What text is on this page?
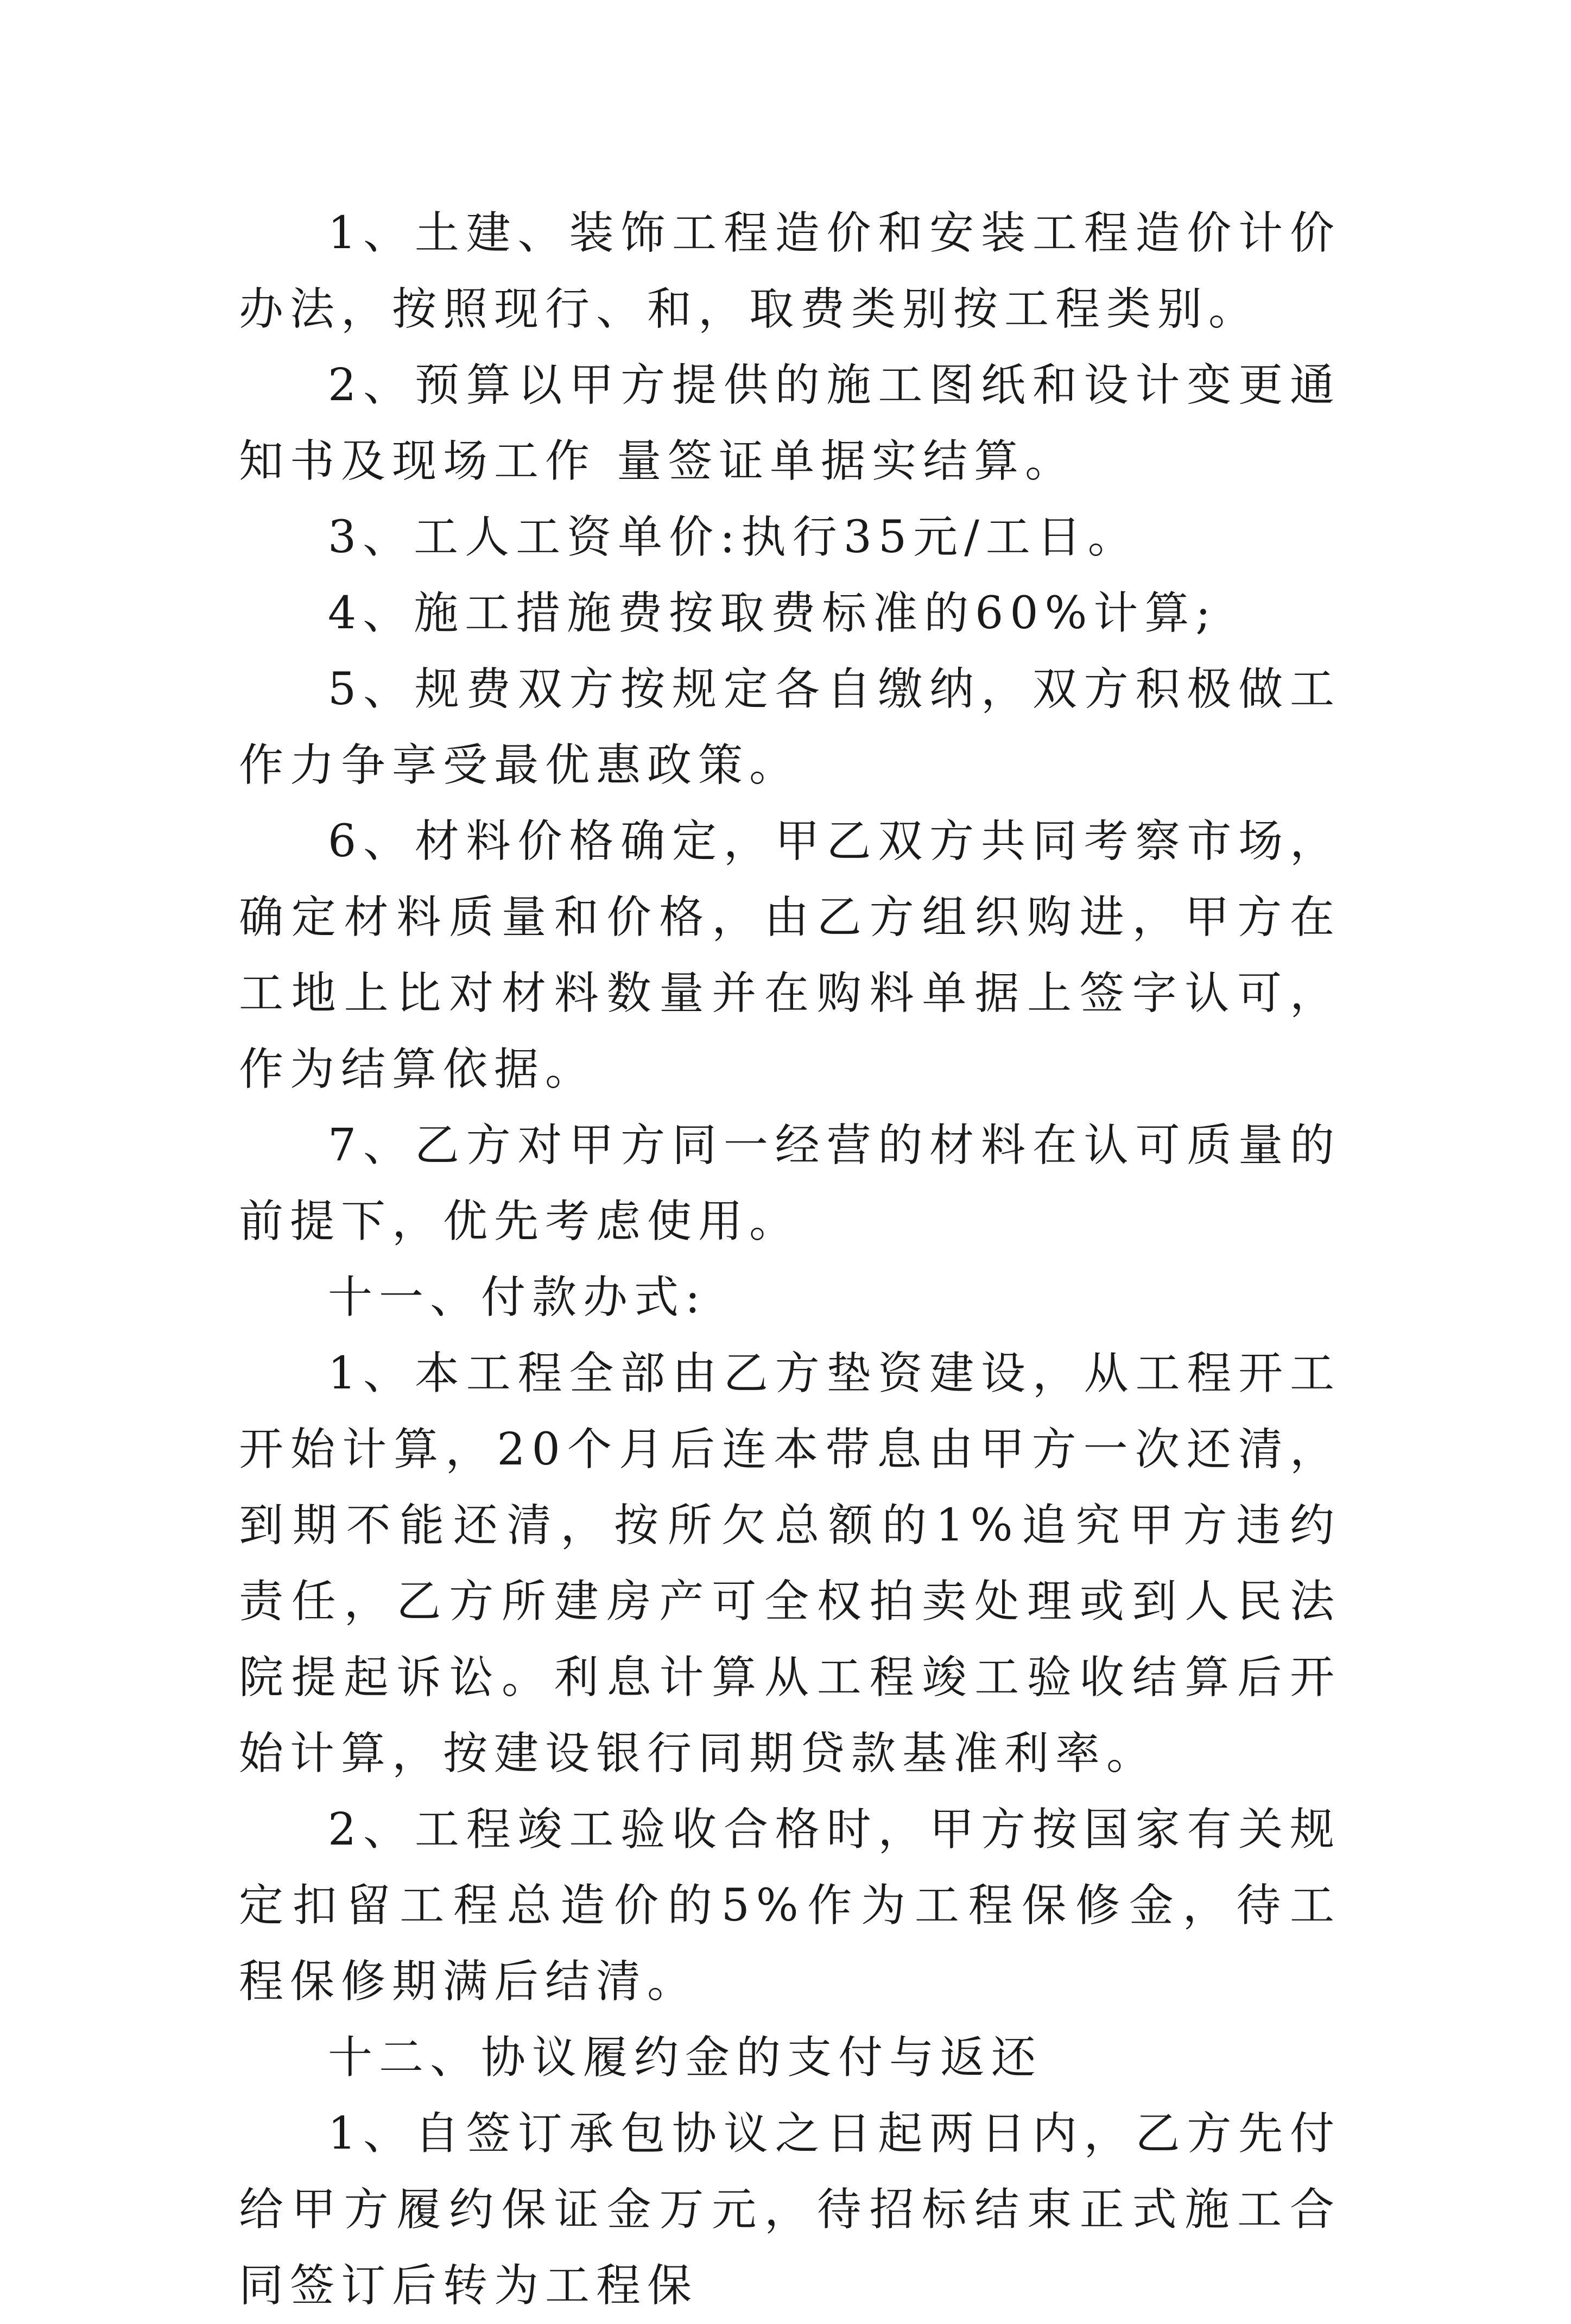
1、土建、装饰工程造价和安装工程造价计价办法，按照现行、和，取费类别按工程类别。

2、预算以甲方提供的施工图纸和设计变更通知书及现场工作 量签证单据实结算。

3、工人工资单价:执行35元/工日。

4、施工措施费按取费标准的60%计算;

5、规费双方按规定各自缴纳，双方积极做工作力争享受最优惠政策。

6、材料价格确定，甲乙双方共同考察市场，确定材料质量和价格，由乙方组织购进，甲方在工地上比对材料数量并在购料单据上签字认可，作为结算依据。

7、乙方对甲方同一经营的材料在认可质量的前提下，优先考虑使用。

十一、付款办式:

1、本工程全部由乙方垫资建设，从工程开工开始计算，20个月后连本带息由甲方一次还清，到期不能还清，按所欠总额的1%追究甲方违约责任，乙方所建房产可全权拍卖处理或到人民法院提起诉讼。利息计算从工程竣工验收结算后开始计算，按建设银行同期贷款基准利率。

2、工程竣工验收合格时，甲方按国家有关规定扣留工程总造价的5%作为工程保修金，待工程保修期满后结清。

十二、协议履约金的支付与返还

1、自签订承包协议之日起两日内，乙方先付给甲方履约保证金万元，待招标结束正式施工合同签订后转为工程保
